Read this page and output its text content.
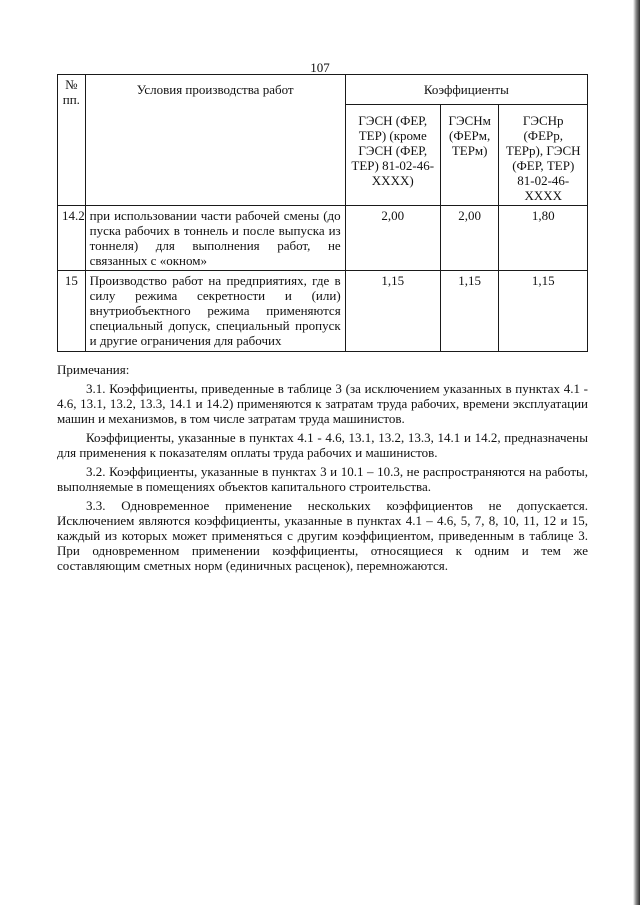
107
№ пп.	Условия производства работ	Коэффициенты		
		ГЭСН (ФЕР, ТЕР) (кроме ГЭСН (ФЕР, ТЕР) 81-02-46-XXXX)	ГЭСНм (ФЕРм, ТЕРм)	ГЭСНр (ФЕРр, ТЕРр), ГЭСН (ФЕР, ТЕР) 81-02-46-XXXX
14.2	при использовании части рабочей смены (до пуска рабочих в тоннель и после выпуска из тоннеля) для выполнения работ, не связанных с «окном»	2,00	2,00	1,80
15	Производство работ на предприятиях, где в силу режима секретности и (или) внутриобъектного режима применяются специальный допуск, специальный пропуск и другие ограничения для рабочих	1,15	1,15	1,15

Примечания:

3.1. Коэффициенты, приведенные в таблице 3 (за исключением указанных в пунктах 4.1 - 4.6, 13.1, 13.2, 13.3, 14.1 и 14.2) применяются к затратам труда рабочих, времени эксплуатации машин и механизмов, в том числе затратам труда машинистов.

Коэффициенты, указанные в пунктах 4.1 - 4.6, 13.1, 13.2, 13.3, 14.1 и 14.2, предназначены для применения к показателям оплаты труда рабочих и машинистов.

3.2. Коэффициенты, указанные в пунктах 3 и 10.1 – 10.3, не распространяются на работы, выполняемые в помещениях объектов капитального строительства.

3.3. Одновременное применение нескольких коэффициентов не допускается. Исключением являются коэффициенты, указанные в пунктах 4.1 – 4.6, 5, 7, 8, 10, 11, 12 и 15, каждый из которых может применяться с другим коэффициентом, приведенным в таблице 3. При одновременном применении коэффициенты, относящиеся к одним и тем же составляющим сметных норм (единичных расценок), перемножаются.
